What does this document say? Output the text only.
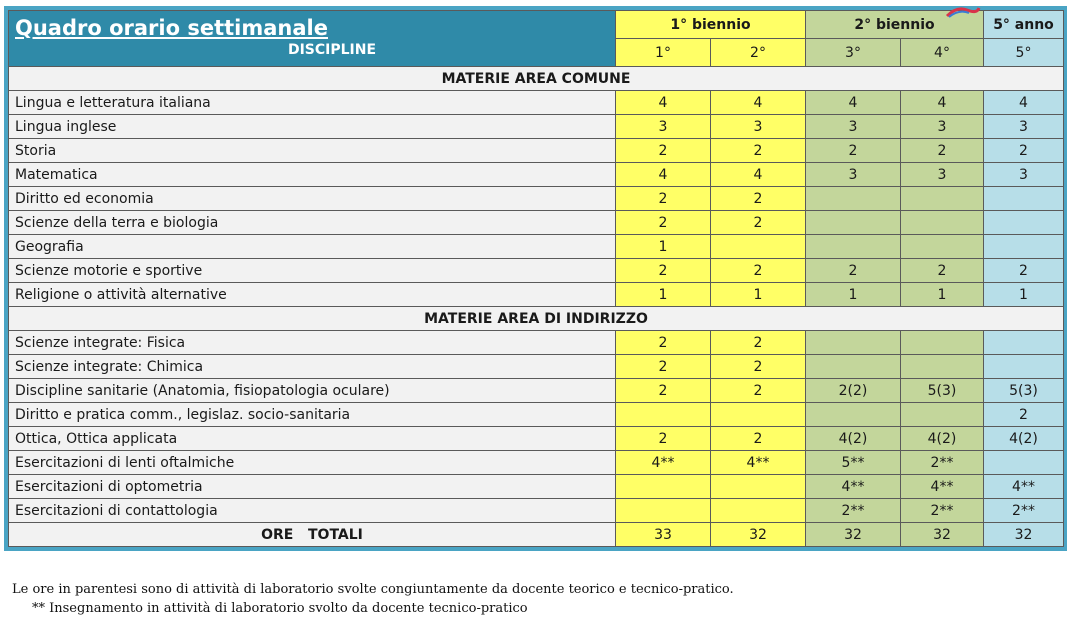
Quadro orario settimanale
DISCIPLINE	1° biennio		2° biennio		5° anno
	1°	2°	3°	4°	5°
MATERIE AREA COMUNE					
Lingua e letteratura italiana	4	4	4	4	4
Lingua inglese	3	3	3	3	3
Storia	2	2	2	2	2
Matematica	4	4	3	3	3
Diritto ed economia	2	2			
Scienze della terra e biologia	2	2			
Geografia	1				
Scienze motorie e sportive	2	2	2	2	2
Religione o attività alternative	1	1	1	1	1
MATERIE AREA DI INDIRIZZO					
Scienze integrate: Fisica	2	2			
Scienze integrate: Chimica	2	2			
Discipline sanitarie (Anatomia, fisiopatologia oculare)	2	2	2(2)	5(3)	5(3)
Diritto e pratica comm., legislaz. socio-sanitaria					2
Ottica, Ottica applicata	2	2	4(2)	4(2)	4(2)
Esercitazioni di lenti oftalmiche	4**	4**	5**	2**	
Esercitazioni di optometria			4**	4**	4**
Esercitazioni di contattologia			2**	2**	2**
ORE   TOTALI	33	32	32	32	32
Le ore in parentesi sono di attività di laboratorio svolte congiuntamente da docente teorico e tecnico-pratico.
** Insegnamento in attività di laboratorio svolto da docente tecnico-pratico
